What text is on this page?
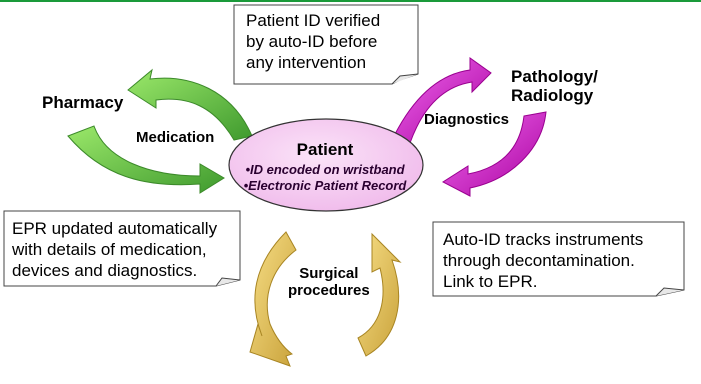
Pharmacy
Medication
Pathology/
Radiology
Diagnostics
Surgical
procedures
Patient
•ID encoded on wristband
•Electronic Patient Record
Patient ID verified
by auto-ID before
any intervention
EPR updated automatically
with details of medication,
devices and diagnostics.
Auto-ID tracks instruments
through decontamination.
Link to EPR.
